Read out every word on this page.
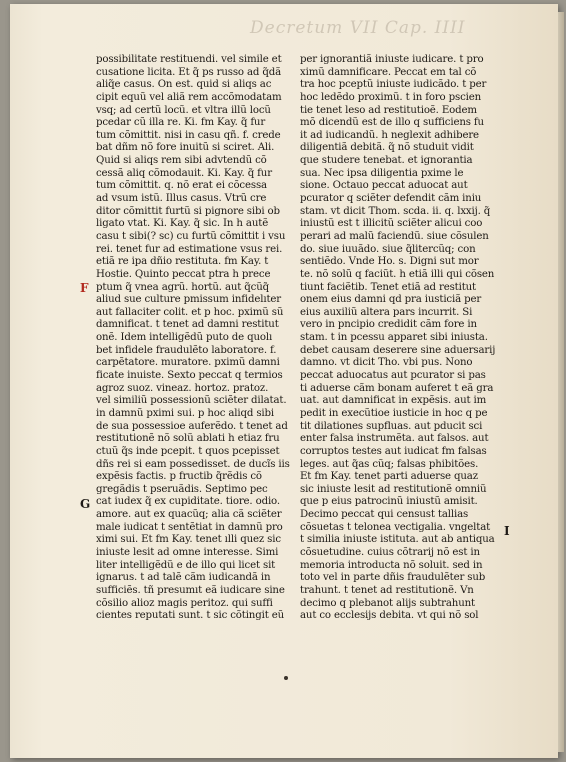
Decretum VII Cap. IIII
F
G
I
possibilitate restituendi. vel simile et
cusatione licita. Et q̃ ps russo ad q̃dã
aliq̃e casus. Ön est. quid si aliqs ac
cipit equũ vel aliã rem accõmodatam
vsq; ad certũ locũ. et vltra illũ locũ
pcedar cũ illa re. Ki. fm Kay. q̃ fur
tum cõmittit. nisi in casu qñ. f. crede
bat dñm nõ fore inuitũ si sciret. Ali.
Quid si aliqs rem sibi advtendũ cõ
cessã aliq cõmodauit. Ki. Kay. q̃ fur
tum cõmittit. q. nõ erat ei cõcessa
ad vsum istũ. Illus casus. Vtrũ cre
ditor cõmittit furtũ si pignore sibi ob
ligato vtat. Ki. Kay. q̃ sic. In h autẽ
casu t sibi(? sc) cu furtũ cõmittit i vsu
rei. tenet fur ad estimatione vsus rei.
etiã re ipa dñio restituta. fm Kay. t
Hostie. Quinto peccat ptra h̃ prece
ptum q̃ vnea agrũ. hortũ. aut q̃cũq̃
aliud sue culture pmissum infidelıter
aut fallaciter colit. et p hoc. pximũ sũ
damnificat. t tenet ad damni restitut
onẽ. Idem intelligẽdũ puto de quolı
bet infidele fraudulẽto laboratore. f.
carpẽtatore. muratore. pximũ damni
ficate inuiste. Sexto peccat q termios
agroz suoz. vineaz. hortoz. pratoz.
vel similiũ possessionũ sciẽter dilatat.
in damnũ pximi sui. p hoc aliqd sibi
de sua possessioe auferẽdo. t tenet ad
restitutionẽ nõ solũ ablati h etiaz fru
ctuũ q̃s inde pcepit. t quos pcepisset
dñs rei si eam possedisset. de ducĩs iis
expẽsis factis. p fructib q̃rẽdis cõ
gregãdis t pseruãdis. Septimo pec
cat iudex q̃ ex cupiditate. tiore. odio.
amore. aut ex quacũq; alia cã sciẽter
male iudicat t sentẽtiat in damnũ pro
ximi sui. Et fm Kay. tenet ılli quez sic
iniuste lesit ad omne interesse. Simi
liter intelligẽdũ e de illo qui licet sit
ignarus. t ad talẽ cãm iudicandã in
sufficiẽs. tñ presumıt eã iudicare sine
cõsilio alioz magis peritoz. qui suffi
cientes reputati sunt. t sic cõtingit eũ
per ignorantiã iniuste iudicare. t pro
ximũ damnificare. Peccat em tal cõ
tra hoc pceptũ iniuste iudicãdo. t per
hoc ledẽdo proximũ. t in foro pscien
tie tenet leso ad restitutioẽ. Eodem
mõ dicendũ est de illo q sufficiens fu
it ad iudicandũ. h neglexit adhibere
diligentiã debitã. q̃ nõ studuit vidit
que studere tenebat. et ignorantia
sua. Nec ipsa diligentia pxime le
sione. Octauo peccat aduocat aut
pcurator q sciẽter defendit cãm iniu
stam. vt dicit Thom. scda. ii. q. lxxij. q̃
iniustũ est t illicitũ sciẽter alicui coo
perari ad malũ faciendũ. siue cõsulen
do. siue iuuãdo. siue q̃litercũq; con
sentiẽdo. Vnde Ho. s. Digni sut mor
te. nõ solũ q faciũt. h etiã illi qui cõsen
tiunt faciẽtib. Tenet etiã ad restitut
onem eius damni qd pra iusticiã per
eius auxiliũ altera pars incurrit. Si
vero in pncipio credidit cãm fore in
stam. t in pcessu apparet sibi iniusta.
debet causam deserere sine aduersarij
damno. vt dicit Tho. vbi pus. Nono
peccat aduocatus aut pcurator si pas
ti aduerse cãm bonam auferet t eã gra
uat. aut damnificat in expẽsis. aut im
pedit in execũtioe iusticie in hoc q pe
tit dilationes supfluas. aut pducit sci
enter falsa instrumẽta. aut falsos. aut
corruptos testes aut iudicat fm falsas
leges. aut q̃as cũq; falsas phibitões.
Et fm Kay. tenet parti aduerse quaz
sic iniuste lesit ad restitutionẽ omniũ
que p eius patrocinũ iniustũ amisit.
Decimo peccat qui censust tallias
cõsuetas t telonea vectigalia. vngeltat
t similia iniuste istituta. aut ab antiqua
cõsuetudine. cuius cõtrarij nõ est in
memoria introducta nõ soluit. sed in
toto vel in parte dñis fraudulẽter sub
trahunt. t tenet ad restitutionẽ. Vn
decimo q plebanot alijs subtrahunt
aut co ecclesijs debita. vt qui nõ sol
